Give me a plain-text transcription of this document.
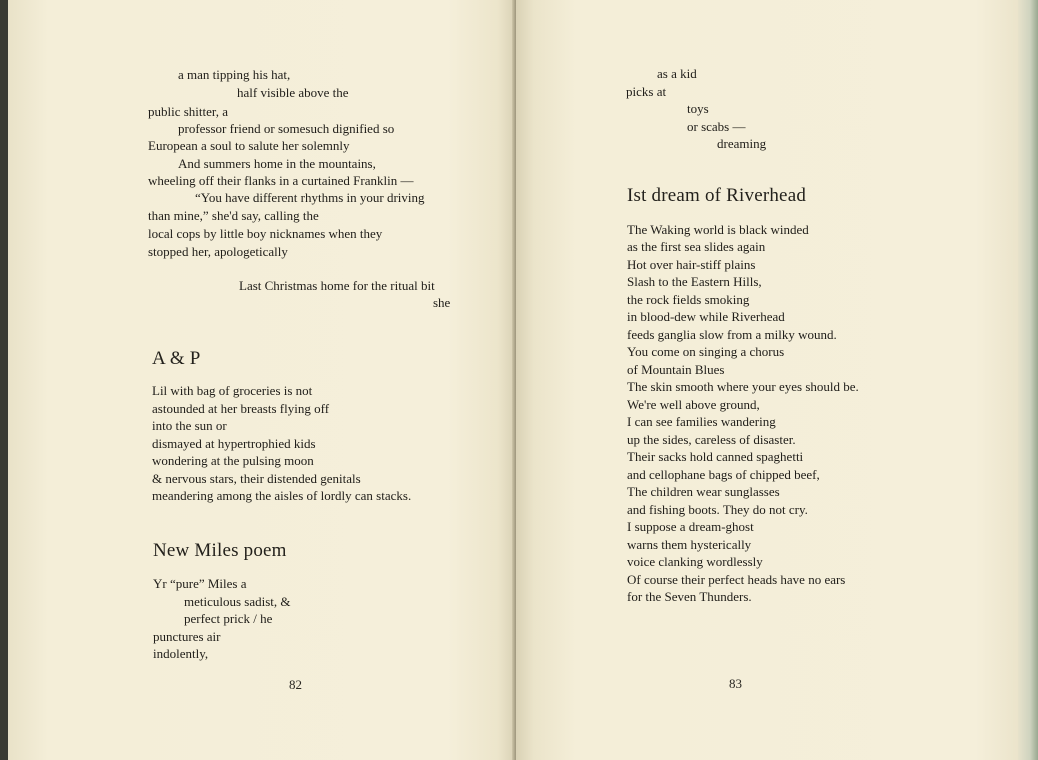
a man tipping his hat,
half visible above the
public shitter, a
professor friend or somesuch dignified so
European a soul to salute her solemnly
And summers home in the mountains,
wheeling off their flanks in a curtained Franklin —
“You have different rhythms in your driving
than mine,” she'd say, calling the
local cops by little boy nicknames when they
stopped her, apologetically
Last Christmas home for the ritual bit
she
A & P
Lil with bag of groceries is not
astounded at her breasts flying off
into the sun or
dismayed at hypertrophied kids
wondering at the pulsing moon
& nervous stars, their distended genitals
meandering among the aisles of lordly can stacks.
New Miles poem
Yr “pure” Miles a
meticulous sadist, &
perfect prick / he
punctures air
indolently,
82
as a kid
picks at
toys
or scabs —
dreaming
Ist dream of Riverhead
The Waking world is black winded
as the first sea slides again
Hot over hair-stiff plains
Slash to the Eastern Hills,
the rock fields smoking
in blood-dew while Riverhead
feeds ganglia slow from a milky wound.
You come on singing a chorus
of Mountain Blues
The skin smooth where your eyes should be.
We're well above ground,
I can see families wandering
up the sides, careless of disaster.
Their sacks hold canned spaghetti
and cellophane bags of chipped beef,
The children wear sunglasses
and fishing boots. They do not cry.
I suppose a dream-ghost
warns them hysterically
voice clanking wordlessly
Of course their perfect heads have no ears
for the Seven Thunders.
83
